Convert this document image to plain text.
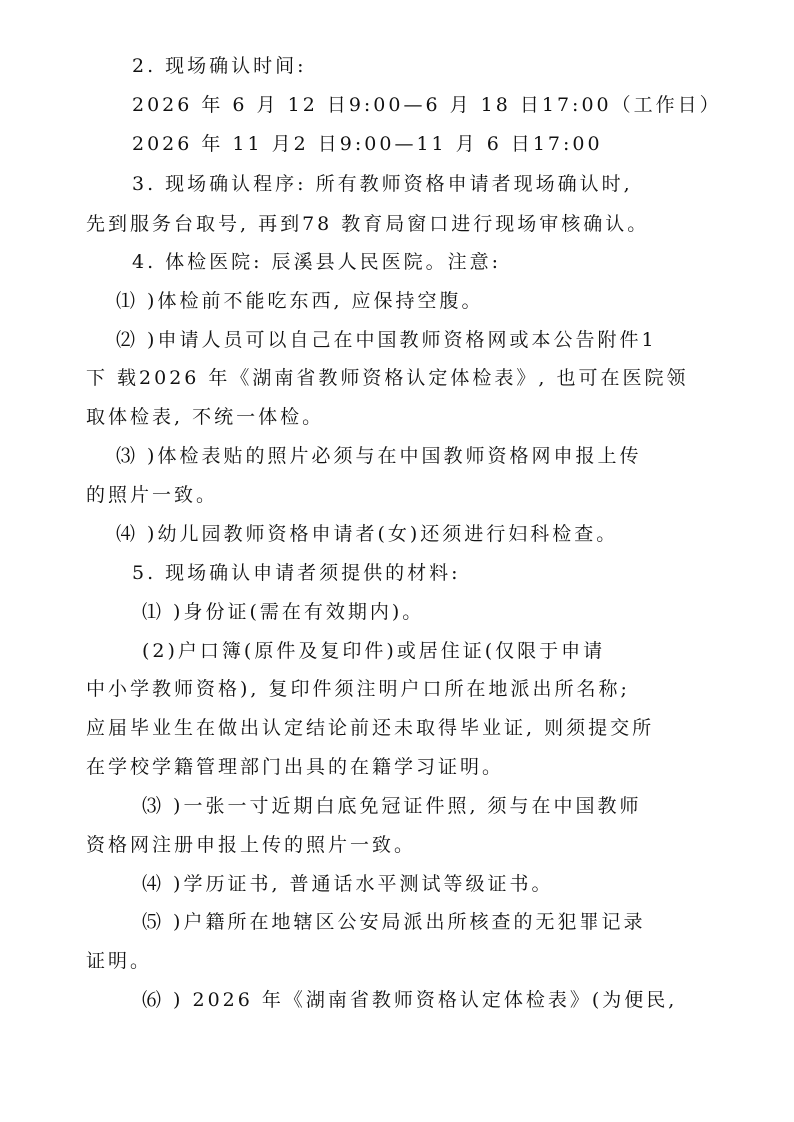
2. 现场确认时间:
2026 年 6 月 12 日9:00—6 月 18 日17:00（工作日）
2026 年 11 月2 日9:00—11 月 6 日17:00
3. 现场确认程序: 所有教师资格申请者现场确认时,
先到服务台取号, 再到78 教育局窗口进行现场审核确认。
4. 体检医院: 辰溪县人民医院。注意:
⑴ )体检前不能吃东西, 应保持空腹。
⑵ )申请人员可以自己在中国教师资格网或本公告附件1
下 载2026 年《湖南省教师资格认定体检表》, 也可在医院领
取体检表, 不统一体检。
⑶ )体检表贴的照片必须与在中国教师资格网申报上传
的照片一致。
⑷ )幼儿园教师资格申请者(女)还须进行妇科检查。
5. 现场确认申请者须提供的材料:
⑴ )身份证(需在有效期内)。
(2)户口簿(原件及复印件)或居住证(仅限于申请
中小学教师资格), 复印件须注明户口所在地派出所名称;
应届毕业生在做出认定结论前还未取得毕业证, 则须提交所
在学校学籍管理部门出具的在籍学习证明。
⑶ )一张一寸近期白底免冠证件照, 须与在中国教师
资格网注册申报上传的照片一致。
⑷ )学历证书, 普通话水平测试等级证书。
⑸ )户籍所在地辖区公安局派出所核查的无犯罪记录
证明。
⑹ ) 2026 年《湖南省教师资格认定体检表》(为便民,
